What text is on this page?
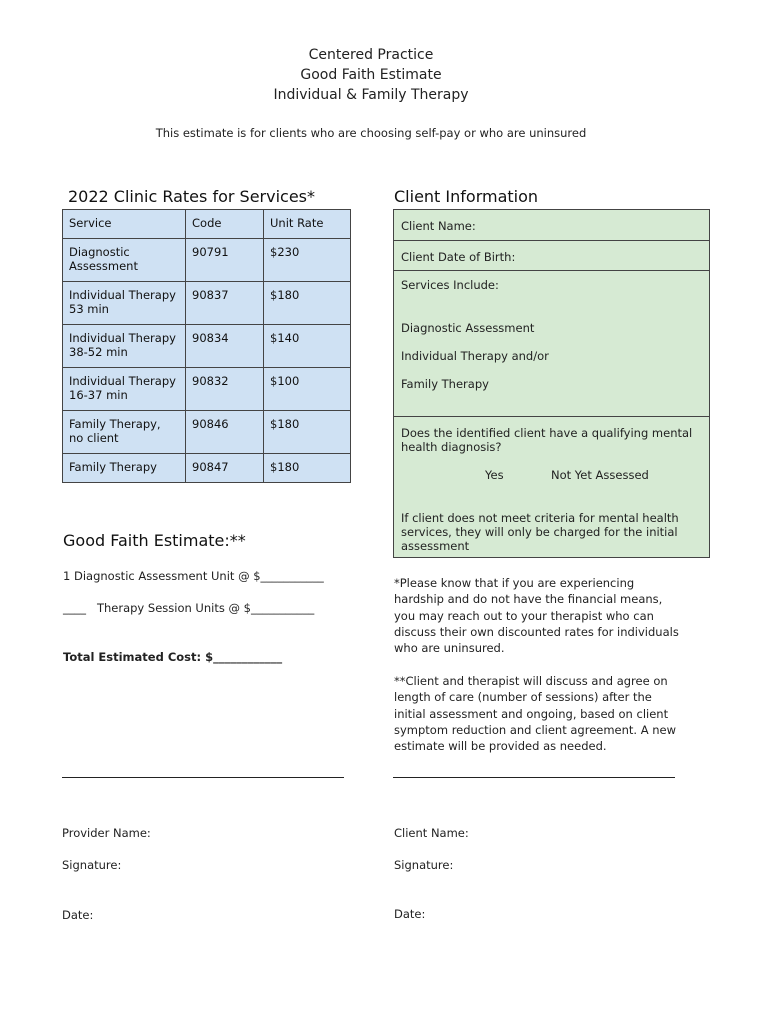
Centered Practice
Good Faith Estimate
Individual & Family Therapy
This estimate is for clients who are choosing self-pay or who are uninsured
2022 Clinic Rates for Services*
Service	Code	Unit Rate
Diagnostic
Assessment	90791	$230
Individual Therapy
53 min	90837	$180
Individual Therapy
38-52 min	90834	$140
Individual Therapy
16-37 min	90832	$100
Family Therapy,
no client	90846	$180
Family Therapy	90847	$180
Client Information
Client Name:
Client Date of Birth:
Services Include:
Diagnostic Assessment
Individual Therapy and/or
Family Therapy
Does the identified client have a qualifying mental health diagnosis?
Yes	Not Yet Assessed
If client does not meet criteria for mental health services, they will only be charged for the initial assessment
Good Faith Estimate:**
1 Diagnostic Assessment Unit @ $___________
____   Therapy Session Units @ $___________
Total Estimated Cost: $____________
*Please know that if you are experiencing hardship and do not have the financial means, you may reach out to your therapist who can discuss their own discounted rates for individuals who are uninsured.
**Client and therapist will discuss and agree on length of care (number of sessions) after the initial assessment and ongoing, based on client symptom reduction and client agreement. A new estimate will be provided as needed.
Provider Name:
Signature:
Date:
Client Name:
Signature:
Date:
